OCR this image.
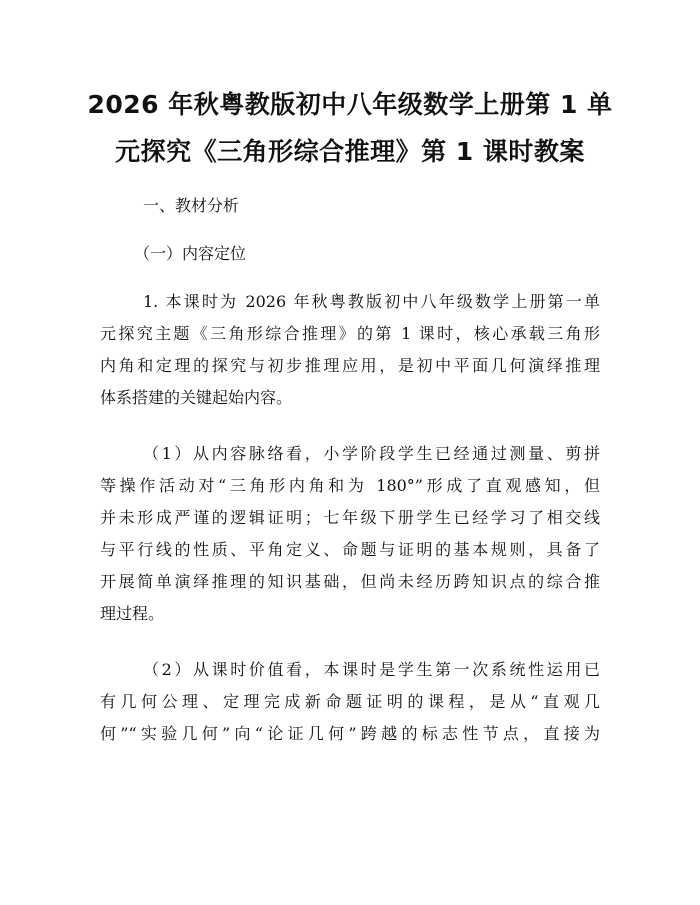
2026 年秋粤教版初中八年级数学上册第 1 单
元探究《三角形综合推理》第 1 课时教案
一、教材分析
（一）内容定位
1. 本课时为 2026 年秋粤教版初中八年级数学上册第一单
元探究主题《三角形综合推理》的第 1 课时，核心承载三角形
内角和定理的探究与初步推理应用，是初中平面几何演绎推理
体系搭建的关键起始内容。
（1）从内容脉络看，小学阶段学生已经通过测量、剪拼
等操作活动对“三角形内角和为 180°”形成了直观感知，但
并未形成严谨的逻辑证明；七年级下册学生已经学习了相交线
与平行线的性质、平角定义、命题与证明的基本规则，具备了
开展简单演绎推理的知识基础，但尚未经历跨知识点的综合推
理过程。
（2）从课时价值看，本课时是学生第一次系统性运用已
有几何公理、定理完成新命题证明的课程，是从“直观几
何”“实验几何”向“论证几何”跨越的标志性节点，直接为
